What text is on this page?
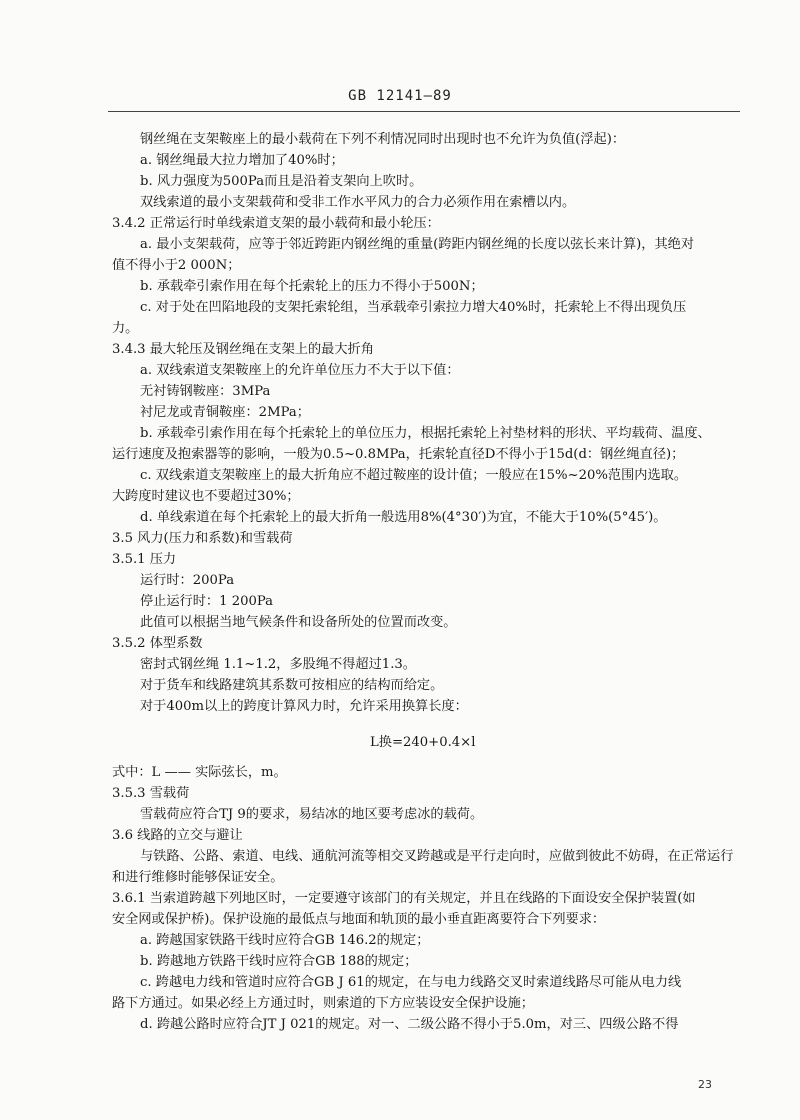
GB 12141—89
钢丝绳在支架鞍座上的最小载荷在下列不利情况同时出现时也不允许为负值(浮起)：
a. 钢丝绳最大拉力增加了40%时；
b. 风力强度为500Pa而且是沿着支架向上吹时。
双线索道的最小支架载荷和受非工作水平风力的合力必须作用在索槽以内。
3.4.2 正常运行时单线索道支架的最小载荷和最小轮压：
a. 最小支架载荷，应等于邻近跨距内钢丝绳的重量(跨距内钢丝绳的长度以弦长来计算)，其绝对
值不得小于2 000N；
b. 承载牵引索作用在每个托索轮上的压力不得小于500N；
c. 对于处在凹陷地段的支架托索轮组，当承载牵引索拉力增大40%时，托索轮上不得出现负压
力。
3.4.3 最大轮压及钢丝绳在支架上的最大折角
a. 双线索道支架鞍座上的允许单位压力不大于以下值：
无衬铸钢鞍座：3MPa
衬尼龙或青铜鞍座：2MPa；
b. 承载牵引索作用在每个托索轮上的单位压力，根据托索轮上衬垫材料的形状、平均载荷、温度、
运行速度及抱索器等的影响，一般为0.5~0.8MPa，托索轮直径D不得小于15d(d：钢丝绳直径)；
c. 双线索道支架鞍座上的最大折角应不超过鞍座的设计值；一般应在15%~20%范围内选取。
大跨度时建议也不要超过30%；
d. 单线索道在每个托索轮上的最大折角一般选用8%(4°30′)为宜，不能大于10%(5°45′)。
3.5 风力(压力和系数)和雪载荷
3.5.1 压力
运行时：200Pa
停止运行时：1 200Pa
此值可以根据当地气候条件和设备所处的位置而改变。
3.5.2 体型系数
密封式钢丝绳 1.1~1.2，多股绳不得超过1.3。
对于货车和线路建筑其系数可按相应的结构而给定。
对于400m以上的跨度计算风力时，允许采用换算长度：
L换=240+0.4×l
式中：L —— 实际弦长，m。
3.5.3 雪载荷
雪载荷应符合TJ 9的要求，易结冰的地区要考虑冰的载荷。
3.6 线路的立交与避让
与铁路、公路、索道、电线、通航河流等相交叉跨越或是平行走向时，应做到彼此不妨碍，在正常运行
和进行维修时能够保证安全。
3.6.1 当索道跨越下列地区时，一定要遵守该部门的有关规定，并且在线路的下面设安全保护装置(如
安全网或保护桥)。保护设施的最低点与地面和轨顶的最小垂直距离要符合下列要求：
a. 跨越国家铁路干线时应符合GB 146.2的规定；
b. 跨越地方铁路干线时应符合GB 188的规定；
c. 跨越电力线和管道时应符合GB J 61的规定，在与电力线路交叉时索道线路尽可能从电力线
路下方通过。如果必经上方通过时，则索道的下方应装设安全保护设施；
d. 跨越公路时应符合JT J 021的规定。对一、二级公路不得小于5.0m，对三、四级公路不得
23
